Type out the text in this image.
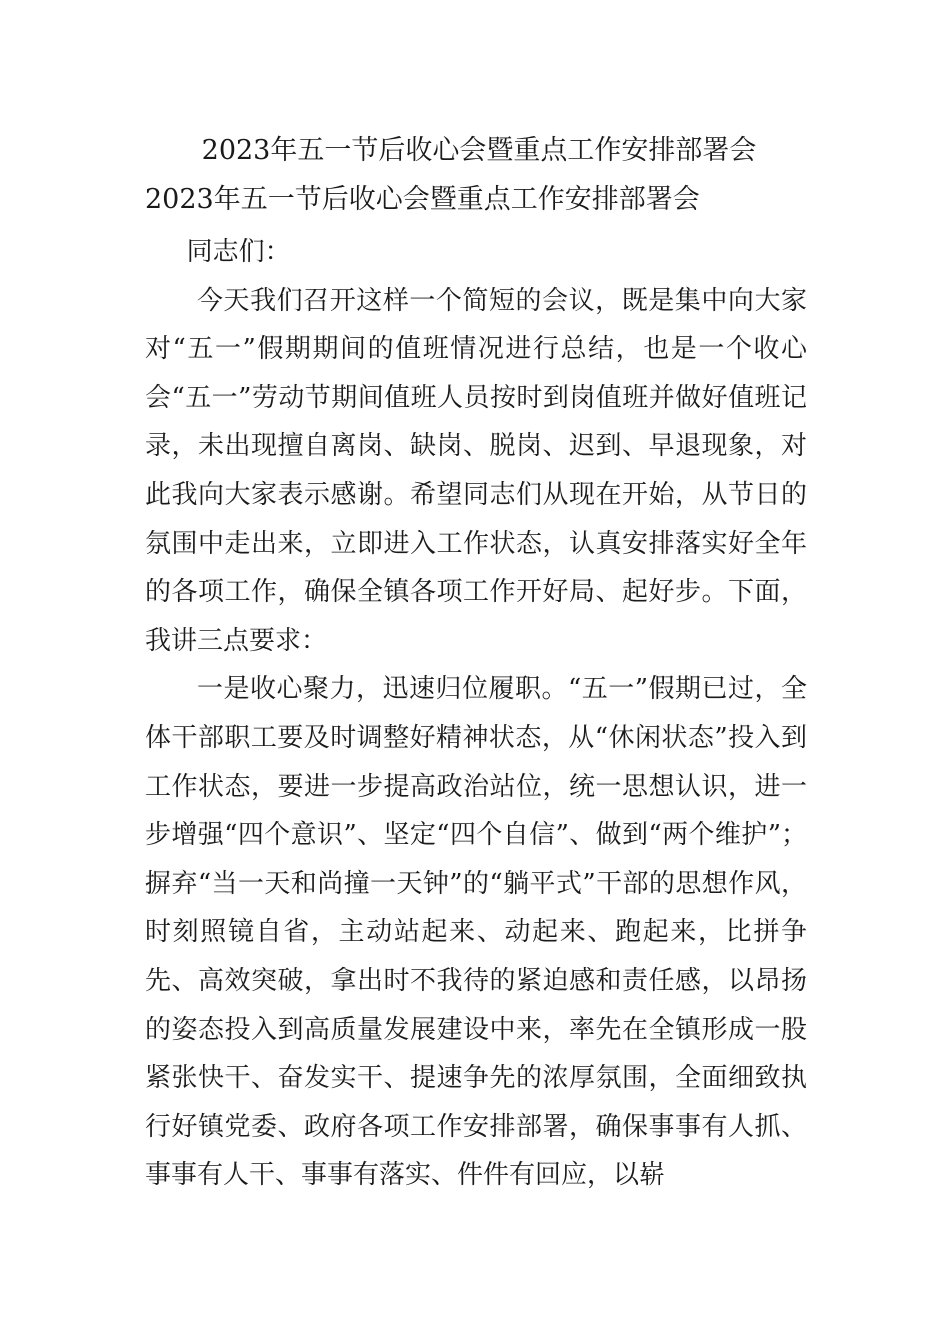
2023年五一节后收心会暨重点工作安排部署会
2023年五一节后收心会暨重点工作安排部署会

同志们：

今天我们召开这样一个简短的会议，既是集中向大家对“五一”假期期间的值班情况进行总结，也是一个收心会“五一”劳动节期间值班人员按时到岗值班并做好值班记录，未出现擅自离岗、缺岗、脱岗、迟到、早退现象，对此我向大家表示感谢。希望同志们从现在开始，从节日的氛围中走出来，立即进入工作状态，认真安排落实好全年的各项工作，确保全镇各项工作开好局、起好步。下面，我讲三点要求：

一是收心聚力，迅速归位履职。“五一”假期已过，全体干部职工要及时调整好精神状态，从“休闲状态”投入到工作状态，要进一步提高政治站位，统一思想认识，进一步增强“四个意识”、坚定“四个自信”、做到“两个维护”；摒弃“当一天和尚撞一天钟”的“躺平式”干部的思想作风，时刻照镜自省，主动站起来、动起来、跑起来，比拼争先、高效突破，拿出时不我待的紧迫感和责任感，以昂扬的姿态投入到高质量发展建设中来，率先在全镇形成一股紧张快干、奋发实干、提速争先的浓厚氛围，全面细致执行好镇党委、政府各项工作安排部署，确保事事有人抓、事事有人干、事事有落实、件件有回应，以崭
